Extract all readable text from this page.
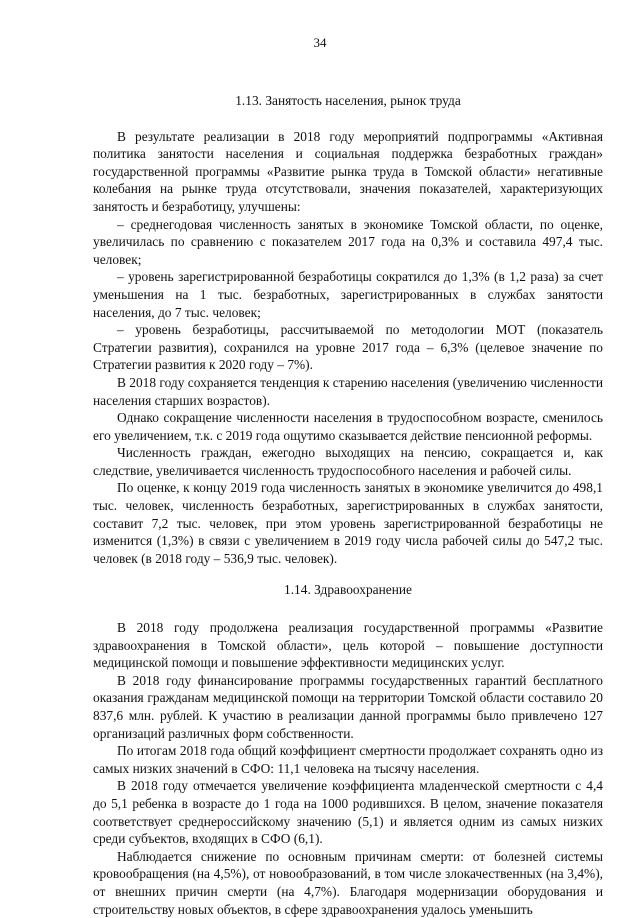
34
1.13. Занятость населения, рынок труда

В результате реализации в 2018 году мероприятий подпрограммы «Активная политика занятости населения и социальная поддержка безработных граждан» государственной программы «Развитие рынка труда в Томской области» негативные колебания на рынке труда отсутствовали, значения показателей, характеризующих занятость и безработицу, улучшены:

– среднегодовая численность занятых в экономике Томской области, по оценке, увеличилась по сравнению с показателем 2017 года на 0,3% и составила 497,4 тыс. человек;

– уровень зарегистрированной безработицы сократился до 1,3% (в 1,2 раза) за счет уменьшения на 1 тыс. безработных, зарегистрированных в службах занятости населения, до 7 тыс. человек;

– уровень безработицы, рассчитываемой по методологии МОТ (показатель Стратегии развития), сохранился на уровне 2017 года – 6,3% (целевое значение по Стратегии развития к 2020 году – 7%).

В 2018 году сохраняется тенденция к старению населения (увеличению численности населения старших возрастов).

Однако сокращение численности населения в трудоспособном возрасте, сменилось его увеличением, т.к. с 2019 года ощутимо сказывается действие пенсионной реформы.

Численность граждан, ежегодно выходящих на пенсию, сокращается и, как следствие, увеличивается численность трудоспособного населения и рабочей силы.

По оценке, к концу 2019 года численность занятых в экономике увеличится до 498,1 тыс. человек, численность безработных, зарегистрированных в службах занятости, составит 7,2 тыс. человек, при этом уровень зарегистрированной безработицы не изменится (1,3%) в связи с увеличением в 2019 году числа рабочей силы до 547,2 тыс. человек (в 2018 году – 536,9 тыс. человек).

1.14. Здравоохранение

В 2018 году продолжена реализация государственной программы «Развитие здравоохранения в Томской области», цель которой – повышение доступности медицинской помощи и повышение эффективности медицинских услуг.

В 2018 году финансирование программы государственных гарантий бесплатного оказания гражданам медицинской помощи на территории Томской области составило 20 837,6 млн. рублей. К участию в реализации данной программы было привлечено 127 организаций различных форм собственности.

По итогам 2018 года общий коэффициент смертности продолжает сохранять одно из самых низких значений в СФО: 11,1 человека на тысячу населения.

В 2018 году отмечается увеличение коэффициента младенческой смертности с 4,4 до 5,1 ребенка в возрасте до 1 года на 1000 родившихся. В целом, значение показателя соответствует среднероссийскому значению (5,1) и является одним из самых низких среди субъектов, входящих в СФО (6,1).

Наблюдается снижение по основным причинам смерти: от болезней системы кровообращения (на 4,5%), от новообразований, в том числе злокачественных (на 3,4%), от внешних причин смерти (на 4,7%). Благодаря модернизации оборудования и строительству новых объектов, в сфере здравоохранения удалось уменьшить
